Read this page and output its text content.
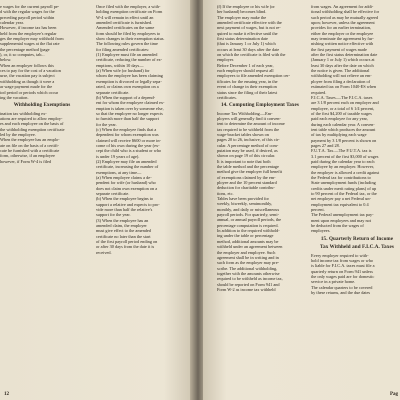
e wages for the current payroll pe-
d with the regular wages for the
preceding payroll period within
calendar year.
However, if income tax has been
held from the employee's regular
ges the employer may withhold from
supplemental wages at the flat rate
the percentage method (page
), or, it so computes, tab...
below.
When an employer follows this
ces to pay for the cost of a vacation
urse, the vacation pay is subject
withholding as though it were a
ar wage payment made for the
iod period or periods which occur
ing the vacation.
Withholding Exemptions
ination tax withholding ex-
ations are required to allow employ-
es and each employee on the basis of
the withholding exemption certificate
led by the employee.
When the employee has an emplo-
ate on file on the basis of a certifi-
cate be furnished with a certificate
form, otherwise, if an employee
however, if Form W-4 is filed
Once filed with the employer, a with-
holding exemption certificate on Form
W-4 will remain in effect until an
amended certificate is furnished.
Amended certificates on the same
form should be filed by employees to
show changes in their exemption status.
The following rules govern the time
for filing amended certificates:
(1) Employee must file an amended
certificate, reducing the number of ex-
emptions, within 10 days—
(a) When wife (or husband) for
whom the employee has been claiming
exemption is divorced or legally sepa-
rated, or claims own exemption on a
separate certificate.
(b) When the support of a depend-
ent for whom the employee claimed ex-
emption is taken over by someone else,
so that the employee no longer expects
to furnish more than half the support
for the year.
(c) When the employee finds that a
dependent for whom exemption was
claimed will receive $600 or more in-
come of his own during the year (ex-
cept the child who is a student or who
is under 19 years of age).
(2) Employee may file an amended
certificate, increasing the number of
exemptions, at any time—
(a) When employee claims a de-
pendent for wife (or husband) who
does not claim own exemption on a
separate certificate.
(b) When the employee begins to
support a relative and expects to pro-
vide more than half the relative's
support for the year.
(3) When the employee has an
amended claim, the employer
must give effect to the amended
certificate no later than the start
of the first payroll period ending on
or after 30 days from the date it is
received.
12
(f) If the employee or his wife (or
her husband) becomes blind.
The employer may make the
amended certificate effective with the
next payment of wages, but is not re-
quired to make it effective until the
first status determination date
(that is January 1 or July 1) which
occurs at least 30 days after the date
on which the certificate is filed with the
employer.
Before December 1 of each year,
each employer should request all
employees to file amended exemption cer-
tificates for the ensuing year, in the
event of change in their exemption
status since the filing of their latest
certificates.
14. Computing Employment Taxes
Income Tax Withholding.—Em-
ployers will generally find it conven-
ient to determine the amount of income
tax required to be withheld from the
wage-bracket tables shown on
pages 20 to 26, inclusive, of this cir-
cular. A percentage method of com-
putation may be used, if desired, as
shown on page 19 of this circular.
It is important to note that both
the table method and the percentage
method give the employer full benefit
of exemptions claimed by the em-
ployee and the 10 percent standard
deduction for charitable contribu-
tions, etc.
Tables have been provided for
weekly, biweekly, semimonthly,
monthly, and daily or miscellaneous
payroll periods. For quarterly, semi-
annual, or annual payroll periods, the
percentage computation is required.
In addition to the required withhold-
ing under the table or percentage
method, additional amounts may be
withheld under an agreement between
the employer and employee. Such
agreement shall be in writing and in
such form as the employer may pre-
scribe. The additional withholding,
together with the amounts otherwise
required to be withheld as income tax,
should be reported on Form 941 and
Form W-2 as income tax withheld
from wages. An agreement for addi-
tional withholding shall be effective for
such period as may be mutually agreed
upon; however, unless the agreement
provides for an earlier termination,
either the employer or the employee
may terminate the agreement by fur-
nishing written notice effective with
the first payment of wages made
after the first status determination date
(January 1 or July 1) which occurs at
least 30 days after the date on which
the notice is given. The additional
withholding will not relieve an em-
ployee from filing a declaration of
estimated tax on Form 1040-ES when
required.
F.I.C.A. Taxes.—The F.I.C.A. taxes
are 3 1/8 percent each on employer and
employee, or a total of 6 1/4 percent,
of the first $4,200 of taxable wages
paid each employee for any year,
during each calendar year. A conven-
ient table which produces the amount
of tax by multiplying each wage
payment by 3 1/8 percent is shown on
pages 27 and 28.
F.U.T.A. Tax.—The F.U.T.A. tax is
3.1 percent of the first $3,000 of wages
paid during the calendar year to each
employee by an employer. However,
the employer is allowed a credit against
the Federal tax for contributions to
State unemployment funds (including
credits under merit rating plans) of up
to 90 percent of the Federal tax, or the
net employer pay a net Federal un-
employment tax equivalent to 0.4
percent.
The Federal unemployment tax pay-
ment upon employees and may not
be deducted from the wages of
employees.
15. Quarterly Return of Income
Tax Withheld and F.I.C.A. Taxes
Every employer required to with-
hold income tax from wages or who
is liable for F.I.C.A. taxes must file a
quarterly return on Form 941 unless
the only wages paid are for domestic
service in a private home.
The calendar quarters to be covered
by these returns, and the due dates
Pag
